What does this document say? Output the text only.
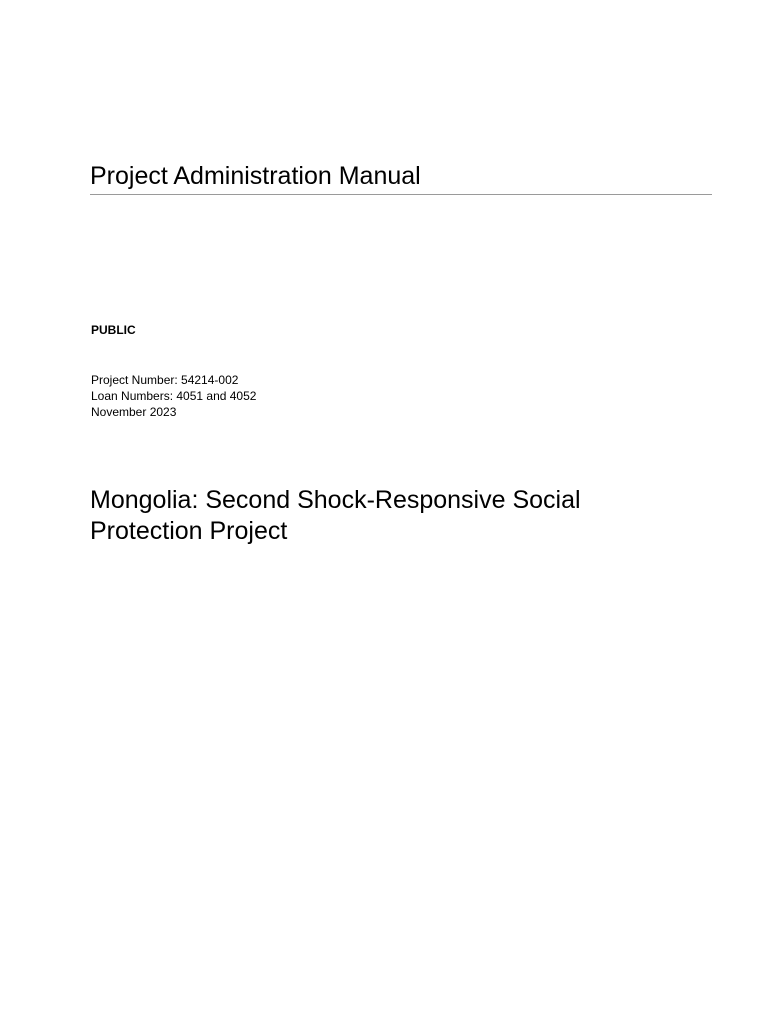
Project Administration Manual
PUBLIC
Project Number: 54214-002
Loan Numbers: 4051 and 4052
November 2023
Mongolia: Second Shock-Responsive Social
Protection Project
